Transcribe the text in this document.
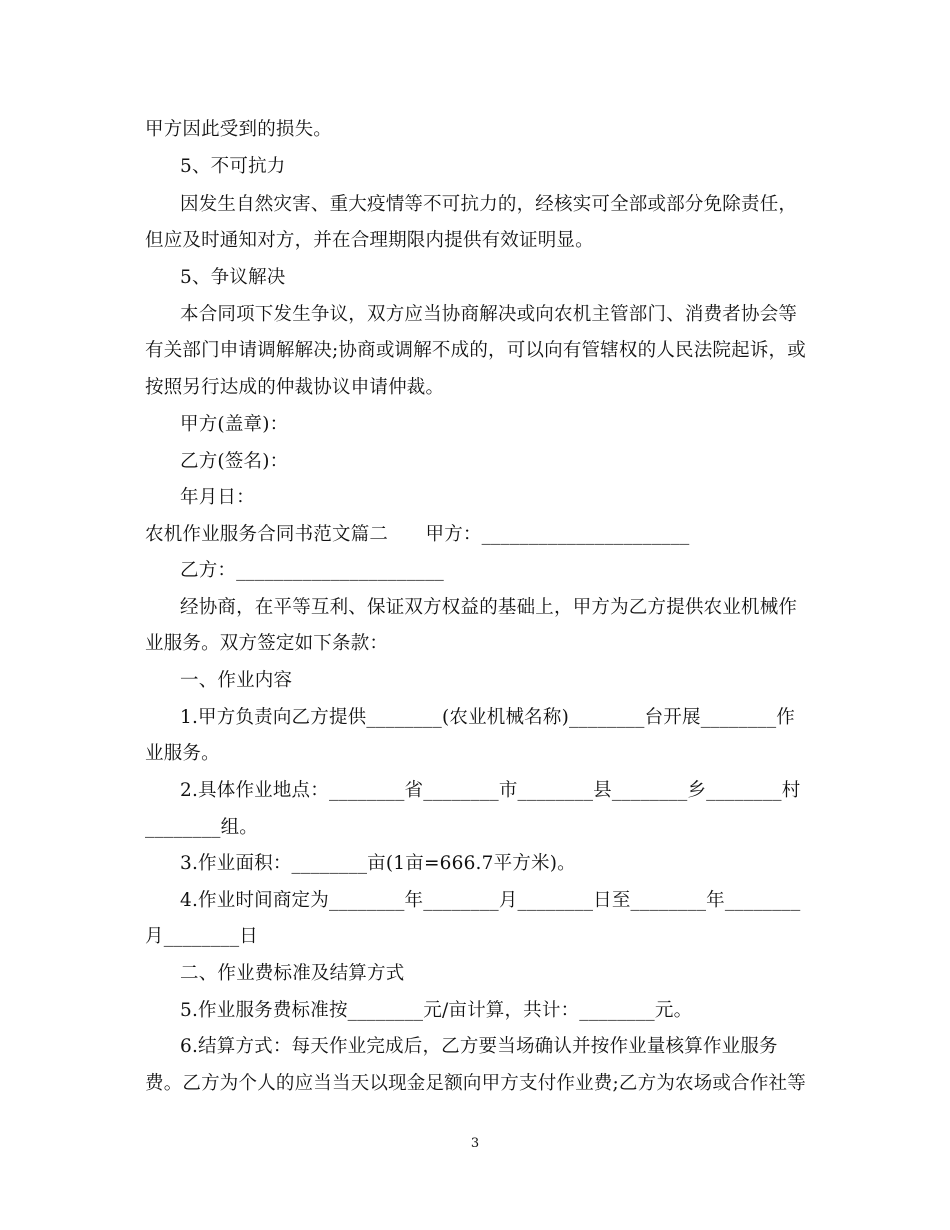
甲方因此受到的损失。
5、不可抗力
因发生自然灾害、重大疫情等不可抗力的，经核实可全部或部分免除责任，
但应及时通知对方，并在合理期限内提供有效证明显。
5、争议解决
本合同项下发生争议，双方应当协商解决或向农机主管部门、消费者协会等
有关部门申请调解解决;协商或调解不成的，可以向有管辖权的人民法院起诉，或
按照另行达成的仲裁协议申请仲裁。
甲方(盖章)：
乙方(签名)：
年月日：
农机作业服务合同书范文篇二　　甲方：______________________
乙方：______________________
经协商，在平等互利、保证双方权益的基础上，甲方为乙方提供农业机械作
业服务。双方签定如下条款：
一、作业内容
1.甲方负责向乙方提供________(农业机械名称)________台开展________作
业服务。
2.具体作业地点：________省________市________县________乡________村
________组。
3.作业面积：________亩(1亩=666.7平方米)。
4.作业时间商定为________年________月________日至________年________
月________日
二、作业费标准及结算方式
5.作业服务费标准按________元/亩计算，共计：________元。
6.结算方式：每天作业完成后，乙方要当场确认并按作业量核算作业服务
费。乙方为个人的应当当天以现金足额向甲方支付作业费;乙方为农场或合作社等
3
